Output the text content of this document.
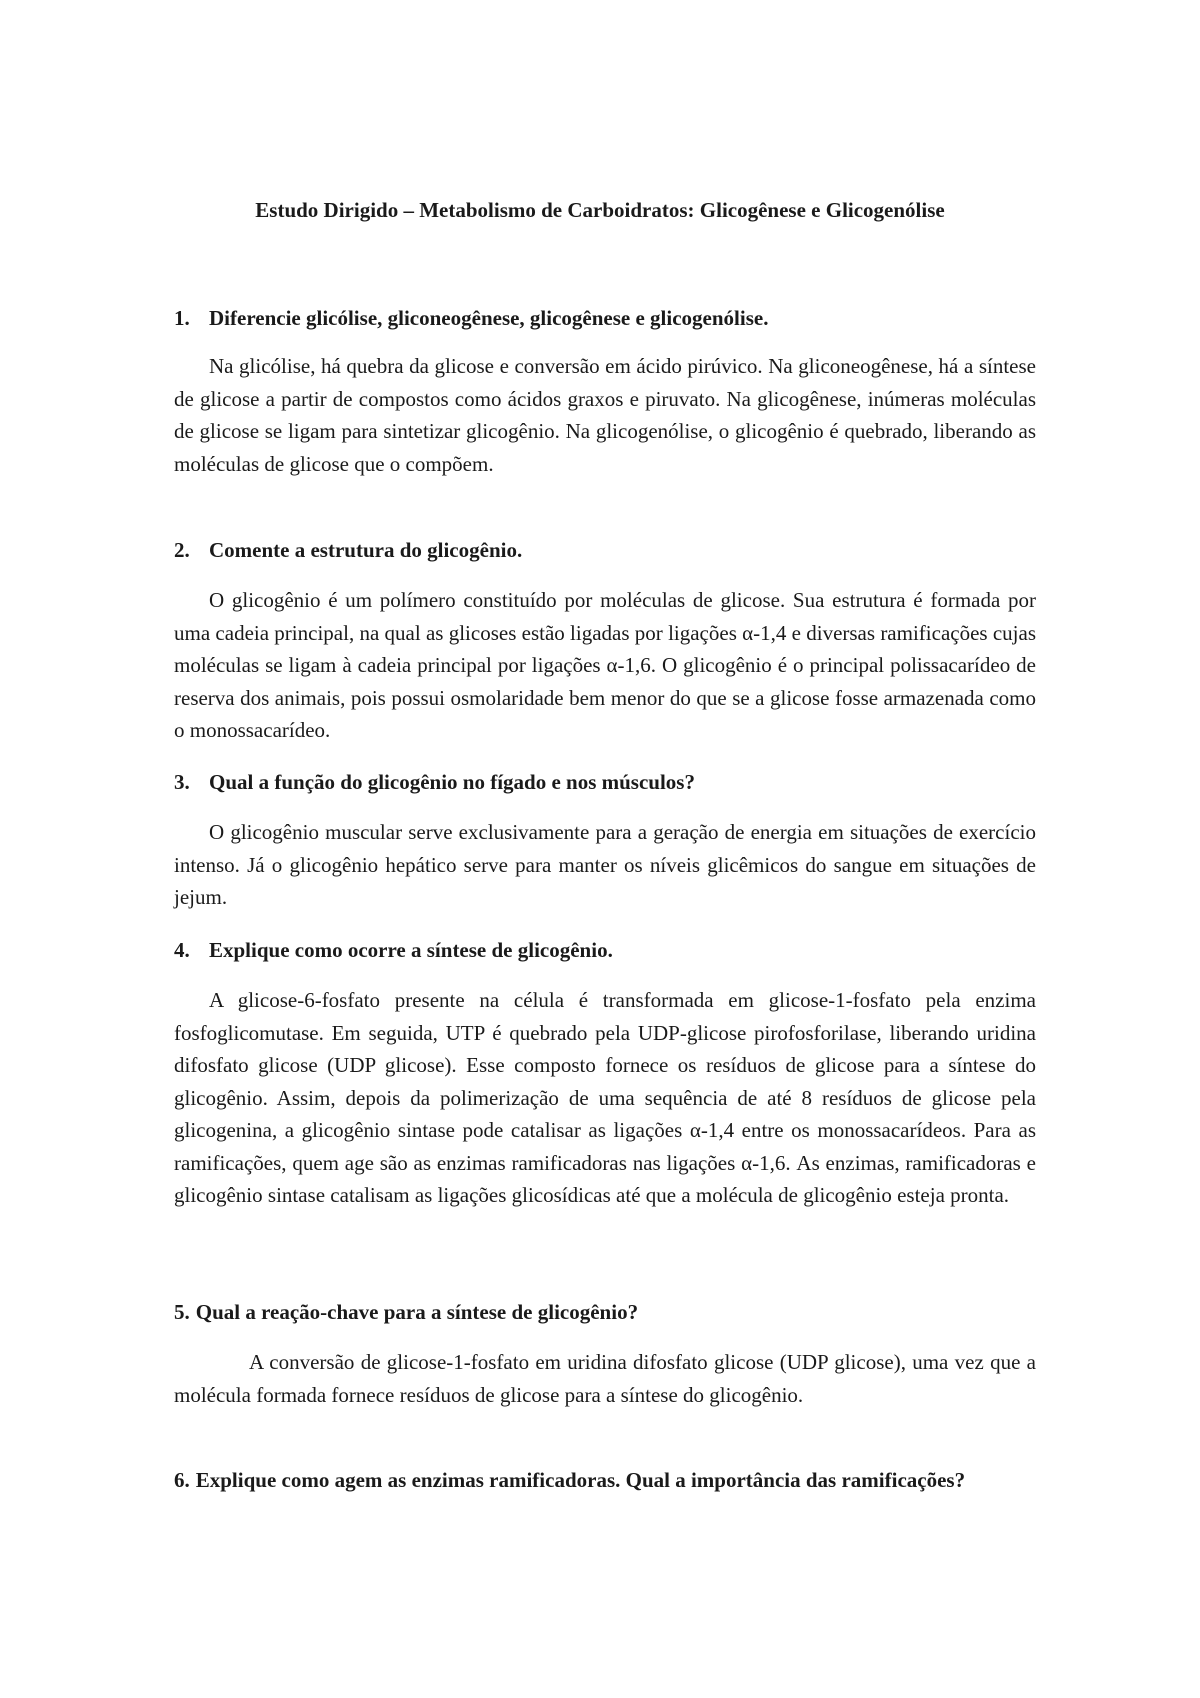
Estudo Dirigido – Metabolismo de Carboidratos: Glicogênese e Glicogenólise
1. Diferencie glicólise, gliconeogênese, glicogênese e glicogenólise.
Na glicólise, há quebra da glicose e conversão em ácido pirúvico. Na gliconeogênese, há a síntese de glicose a partir de compostos como ácidos graxos e piruvato. Na glicogênese, inúmeras moléculas de glicose se ligam para sintetizar glicogênio. Na glicogenólise, o glicogênio é quebrado, liberando as moléculas de glicose que o compõem.
2. Comente a estrutura do glicogênio.
O glicogênio é um polímero constituído por moléculas de glicose. Sua estrutura é formada por uma cadeia principal, na qual as glicoses estão ligadas por ligações α-1,4 e diversas ramificações cujas moléculas se ligam à cadeia principal por ligações α-1,6. O glicogênio é o principal polissacarídeo de reserva dos animais, pois possui osmolaridade bem menor do que se a glicose fosse armazenada como o monossacarídeo.
3. Qual a função do glicogênio no fígado e nos músculos?
O glicogênio muscular serve exclusivamente para a geração de energia em situações de exercício intenso. Já o glicogênio hepático serve para manter os níveis glicêmicos do sangue em situações de jejum.
4. Explique como ocorre a síntese de glicogênio.
A glicose-6-fosfato presente na célula é transformada em glicose-1-fosfato pela enzima fosfoglicomutase. Em seguida, UTP é quebrado pela UDP-glicose pirofosforilase, liberando uridina difosfato glicose (UDP glicose). Esse composto fornece os resíduos de glicose para a síntese do glicogênio. Assim, depois da polimerização de uma sequência de até 8 resíduos de glicose pela glicogenina, a glicogênio sintase pode catalisar as ligações α-1,4 entre os monossacarídeos. Para as ramificações, quem age são as enzimas ramificadoras nas ligações α-1,6. As enzimas, ramificadoras e glicogênio sintase catalisam as ligações glicosídicas até que a molécula de glicogênio esteja pronta.
5. Qual a reação-chave para a síntese de glicogênio?
A conversão de glicose-1-fosfato em uridina difosfato glicose (UDP glicose), uma vez que a molécula formada fornece resíduos de glicose para a síntese do glicogênio.
6. Explique como agem as enzimas ramificadoras. Qual a importância das ramificações?
